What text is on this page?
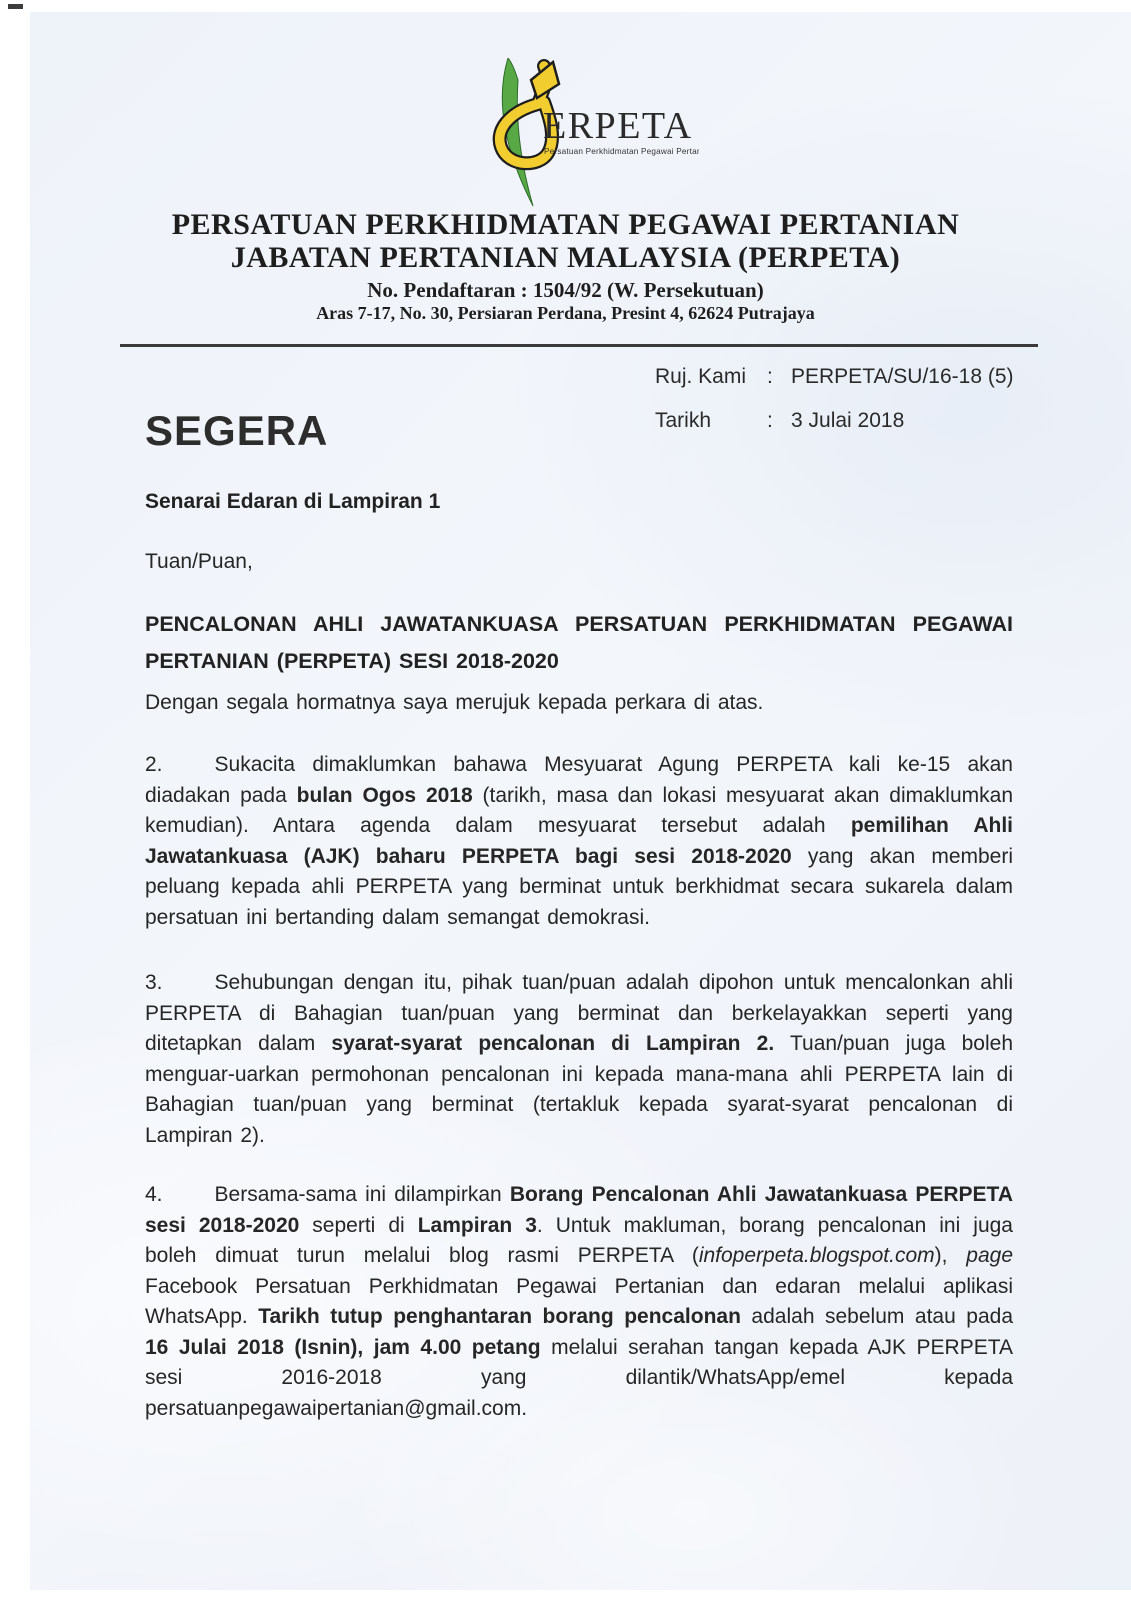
ERPETA
Persatuan Perkhidmatan Pegawai Pertanian
PERSATUAN PERKHIDMATAN PEGAWAI PERTANIAN
JABATAN PERTANIAN MALAYSIA (PERPETA)
No. Pendaftaran : 1504/92 (W. Persekutuan)
Aras 7-17, No. 30, Persiaran Perdana, Presint 4, 62624 Putrajaya
Ruj. Kami : PERPETA/SU/16-18 (5)
Tarikh	: 3 Julai 2018
SEGERA
Senarai Edaran di Lampiran 1
Tuan/Puan,
PENCALONAN AHLI JAWATANKUASA PERSATUAN PERKHIDMATAN PEGAWAI PERTANIAN (PERPETA) SESI 2018-2020
Dengan segala hormatnya saya merujuk kepada perkara di atas.
2. Sukacita dimaklumkan bahawa Mesyuarat Agung PERPETA kali ke-15 akan diadakan pada bulan Ogos 2018 (tarikh, masa dan lokasi mesyuarat akan dimaklumkan kemudian). Antara agenda dalam mesyuarat tersebut adalah pemilihan Ahli Jawatankuasa (AJK) baharu PERPETA bagi sesi 2018-2020 yang akan memberi peluang kepada ahli PERPETA yang berminat untuk berkhidmat secara sukarela dalam persatuan ini bertanding dalam semangat demokrasi.
3. Sehubungan dengan itu, pihak tuan/puan adalah dipohon untuk mencalonkan ahli PERPETA di Bahagian tuan/puan yang berminat dan berkelayakkan seperti yang ditetapkan dalam syarat-syarat pencalonan di Lampiran 2. Tuan/puan juga boleh menguar-uarkan permohonan pencalonan ini kepada mana-mana ahli PERPETA lain di Bahagian tuan/puan yang berminat (tertakluk kepada syarat-syarat pencalonan di Lampiran 2).
4. Bersama-sama ini dilampirkan Borang Pencalonan Ahli Jawatankuasa PERPETA sesi 2018-2020 seperti di Lampiran 3. Untuk makluman, borang pencalonan ini juga boleh dimuat turun melalui blog rasmi PERPETA (infoperpeta.blogspot.com), page Facebook Persatuan Perkhidmatan Pegawai Pertanian dan edaran melalui aplikasi WhatsApp. Tarikh tutup penghantaran borang pencalonan adalah sebelum atau pada 16 Julai 2018 (Isnin), jam 4.00 petang melalui serahan tangan kepada AJK PERPETA sesi 2016-2018 yang dilantik/WhatsApp/emel kepada persatuanpegawaipertanian@gmail.com.
